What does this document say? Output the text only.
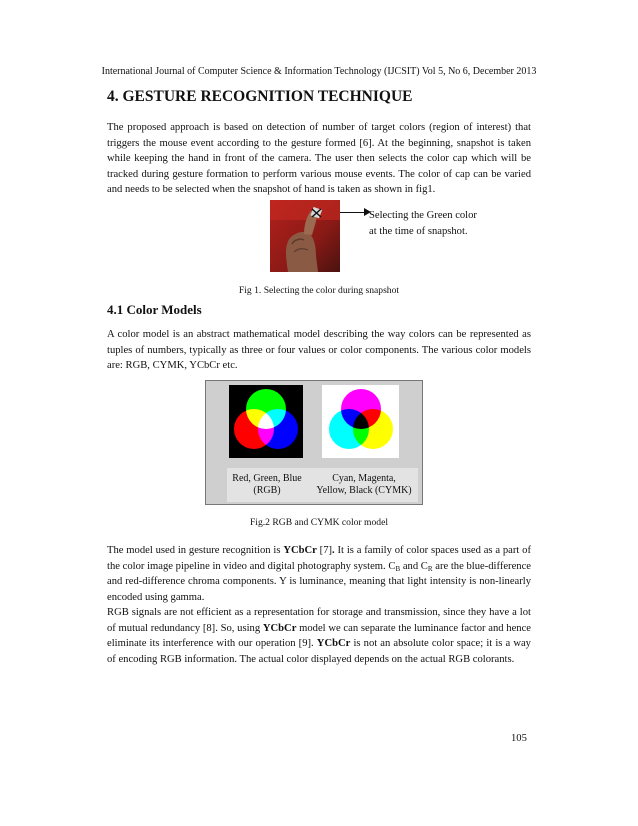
International Journal of Computer Science & Information Technology (IJCSIT) Vol 5, No 6, December 2013
4. GESTURE RECOGNITION TECHNIQUE
The proposed approach is based on detection of number of target colors (region of interest) that triggers the mouse event according to the gesture formed [6]. At the beginning, snapshot is taken while keeping the hand in front of the camera. The user then selects the color cap which will be tracked during gesture formation to perform various mouse events. The color of cap can be varied and needs to be selected when the snapshot of hand is taken as shown in fig1.
Selecting the Green color
at the time of snapshot.
Fig 1. Selecting the color during snapshot
4.1 Color Models
A color model is an abstract mathematical model describing the way colors can be represented as tuples of numbers, typically as three or four values or color components. The various color models are: RGB, CYMK, YCbCr etc.
Red, Green, Blue
(RGB)
Cyan, Magenta,
Yellow, Black (CYMK)
Fig.2 RGB and CYMK color model
The model used in gesture recognition is YCbCr [7]. It is a family of color spaces used as a part of the color image pipeline in video and digital photography system. $C_B$ and $C_R$ are the blue-difference and red-difference chroma components. Y is luminance, meaning that light intensity is non-linearly encoded using gamma.
RGB signals are not efficient as a representation for storage and transmission, since they have a lot of mutual redundancy [8]. So, using YCbCr model we can separate the luminance factor and hence eliminate its interference with our operation [9]. YCbCr is not an absolute color space; it is a way of encoding RGB information. The actual color displayed depends on the actual RGB colorants.
105
